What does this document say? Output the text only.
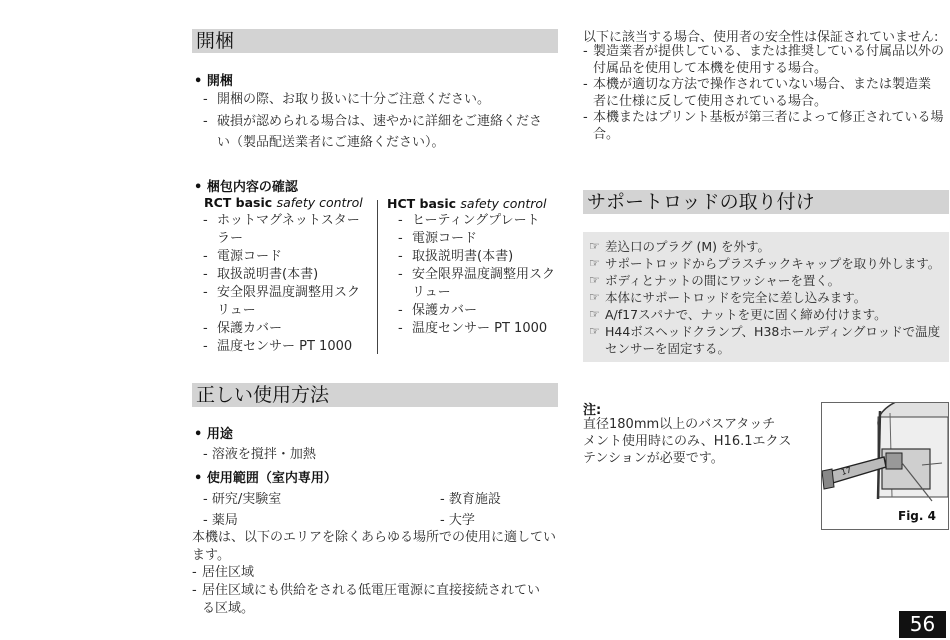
開梱
• 開梱
- 開梱の際、お取り扱いに十分ご注意ください。
- 破損が認められる場合は、速やかに詳細をご連絡くださ
い（製品配送業者にご連絡ください）。
• 梱包内容の確認
RCT basic safety control
- ホットマグネットスター
ラー
- 電源コード
- 取扱説明書(本書)
- 安全限界温度調整用スク
リュー
- 保護カバー
- 温度センサー PT 1000
HCT basic safety control
- ヒーティングプレート
- 電源コード
- 取扱説明書(本書)
- 安全限界温度調整用スク
リュー
- 保護カバー
- 温度センサー PT 1000
正しい使用方法
• 用途
- 溶液を撹拌・加熱
• 使用範囲（室内専用）
- 研究/実験室	- 教育施設
- 薬局	- 大学
本機は、以下のエリアを除くあらゆる場所での使用に適してい
ます。
- 居住区域
- 居住区域にも供給をされる低電圧電源に直接接続されてい
る区域。
以下に該当する場合、使用者の安全性は保証されていません:
- 製造業者が提供している、または推奨している付属品以外の
付属品を使用して本機を使用する場合。
- 本機が適切な方法で操作されていない場合、または製造業
者に仕様に反して使用されている場合。
- 本機またはプリント基板が第三者によって修正されている場
合。
サポートロッドの取り付け
☞ 差込口のプラグ (M) を外す。
☞ サポートロッドからプラスチックキャップを取り外します。
☞ ボディとナットの間にワッシャーを置く。
☞ 本体にサポートロッドを完全に差し込みます。
☞ A/f17スパナで、ナットを更に固く締め付けます。
☞ H44ボスヘッドクランプ、H38ホールディングロッドで温度
センサーを固定する。
注:
直径180mm以上のバスアタッチ
メント使用時にのみ、H16.1エクス
テンションが必要です。
17
Fig. 4
56
